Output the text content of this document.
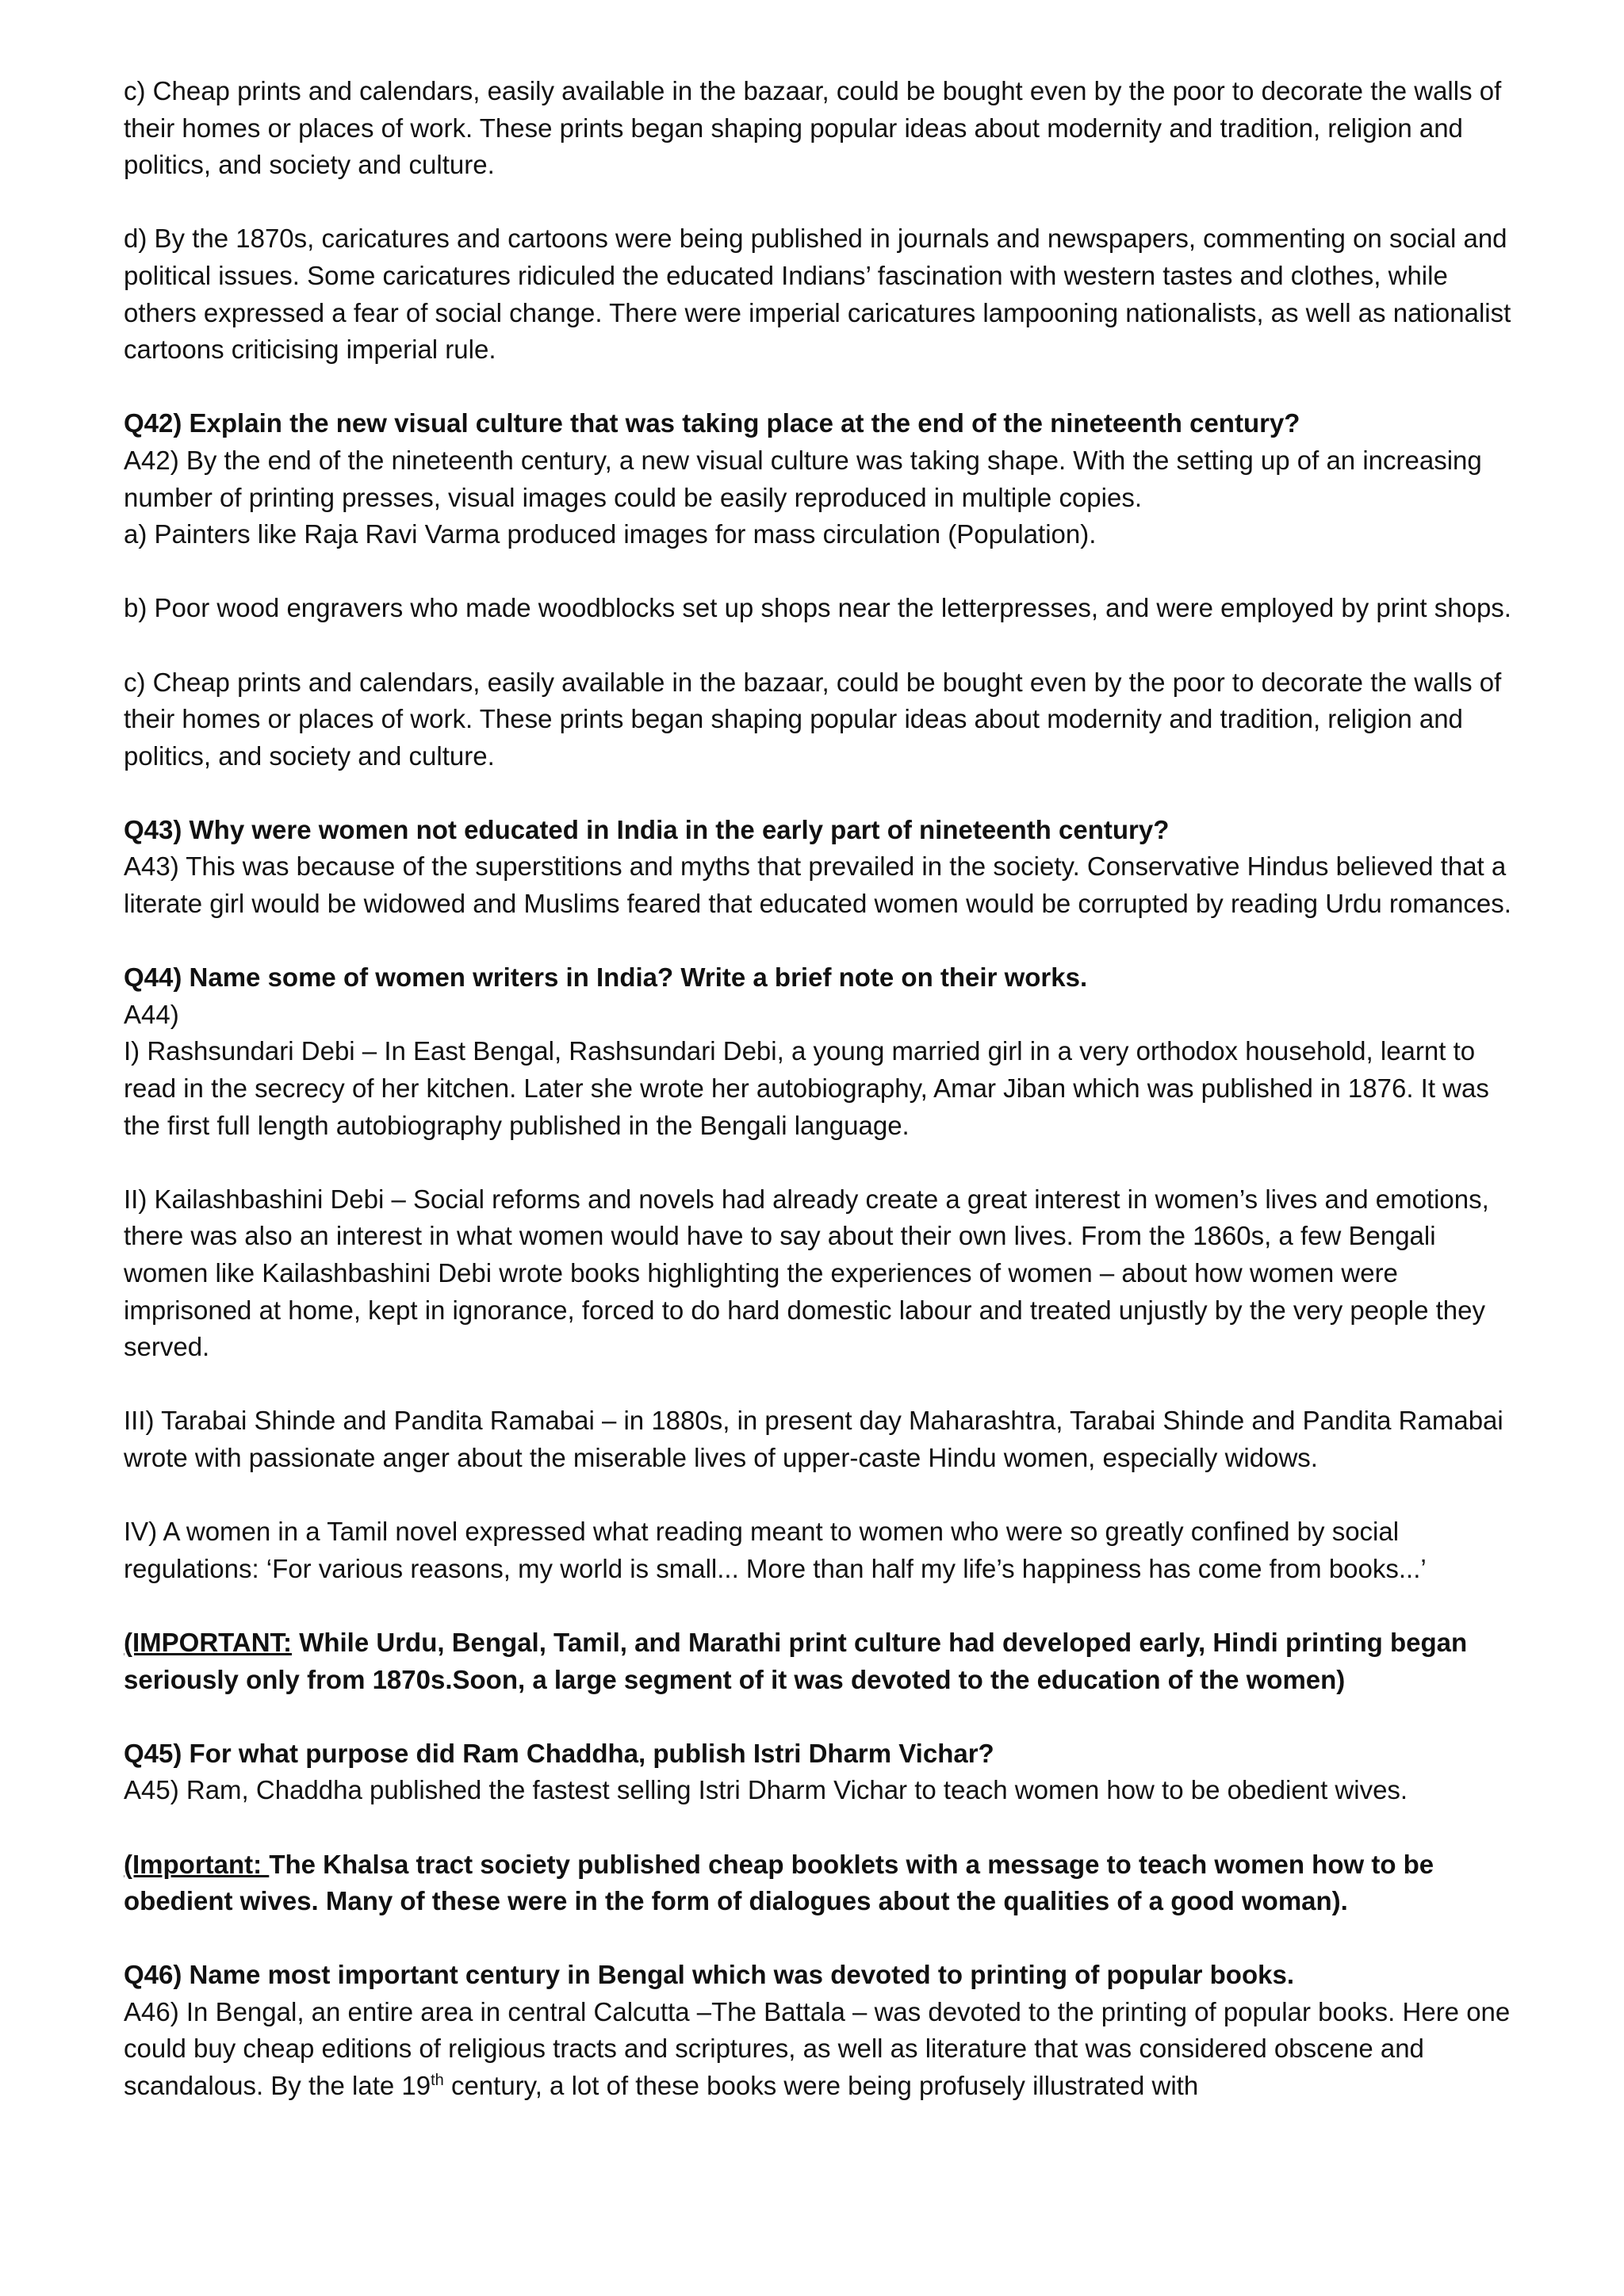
c) Cheap prints and calendars, easily available in the bazaar, could be bought even by the poor to decorate the walls of their homes or places of work. These prints began shaping popular ideas about modernity and tradition, religion and politics, and society and culture.

d) By the 1870s, caricatures and cartoons were being published in journals and newspapers, commenting on social and political issues. Some caricatures ridiculed the educated Indians’ fascination with western tastes and clothes, while others expressed a fear of social change. There were imperial caricatures lampooning nationalists, as well as nationalist cartoons criticising imperial rule.

Q42) Explain the new visual culture that was taking place at the end of the nineteenth century?

A42) By the end of the nineteenth century, a new visual culture was taking shape. With the setting up of an increasing number of printing presses, visual images could be easily reproduced in multiple copies.

a) Painters like Raja Ravi Varma produced images for mass circulation (Population).

b) Poor wood engravers who made woodblocks set up shops near the letterpresses, and were employed by print shops.

c) Cheap prints and calendars, easily available in the bazaar, could be bought even by the poor to decorate the walls of their homes or places of work. These prints began shaping popular ideas about modernity and tradition, religion and politics, and society and culture.

Q43) Why were women not educated in India in the early part of nineteenth century?

A43) This was because of the superstitions and myths that prevailed in the society. Conservative Hindus believed that a literate girl would be widowed and Muslims feared that educated women would be corrupted by reading Urdu romances.

Q44) Name some of women writers in India? Write a brief note on their works.

A44)

I) Rashsundari Debi – In East Bengal, Rashsundari Debi, a young married girl in a very orthodox household, learnt to read in the secrecy of her kitchen. Later she wrote her autobiography, Amar Jiban which was published in 1876. It was the first full length autobiography published in the Bengali language.

II) Kailashbashini Debi – Social reforms and novels had already create a great interest in women’s lives and emotions, there was also an interest in what women would have to say about their own lives. From the 1860s, a few Bengali women like Kailashbashini Debi wrote books highlighting the experiences of women – about how women were imprisoned at home, kept in ignorance, forced to do hard domestic labour and treated unjustly by the very people they served.

III) Tarabai Shinde and Pandita Ramabai – in 1880s, in present day Maharashtra, Tarabai Shinde and Pandita Ramabai wrote with passionate anger about the miserable lives of upper-caste Hindu women, especially widows.

IV) A women in a Tamil novel expressed what reading meant to women who were so greatly confined by social regulations: ‘For various reasons, my world is small... More than half my life’s happiness has come from books...’

(IMPORTANT: While Urdu, Bengal, Tamil, and Marathi print culture had developed early, Hindi printing began seriously only from 1870s.Soon, a large segment of it was devoted to the education of the women)

Q45) For what purpose did Ram Chaddha, publish Istri Dharm Vichar?

A45) Ram, Chaddha published the fastest selling Istri Dharm Vichar to teach women how to be obedient wives.

(Important: The Khalsa tract society published cheap booklets with a message to teach women how to be obedient wives. Many of these were in the form of dialogues about the qualities of a good woman).

Q46) Name most important century in Bengal which was devoted to printing of popular books.

A46) In Bengal, an entire area in central Calcutta –The Battala – was devoted to the printing of popular books. Here one could buy cheap editions of religious tracts and scriptures, as well as literature that was considered obscene and scandalous. By the late 19th century, a lot of these books were being profusely illustrated with
